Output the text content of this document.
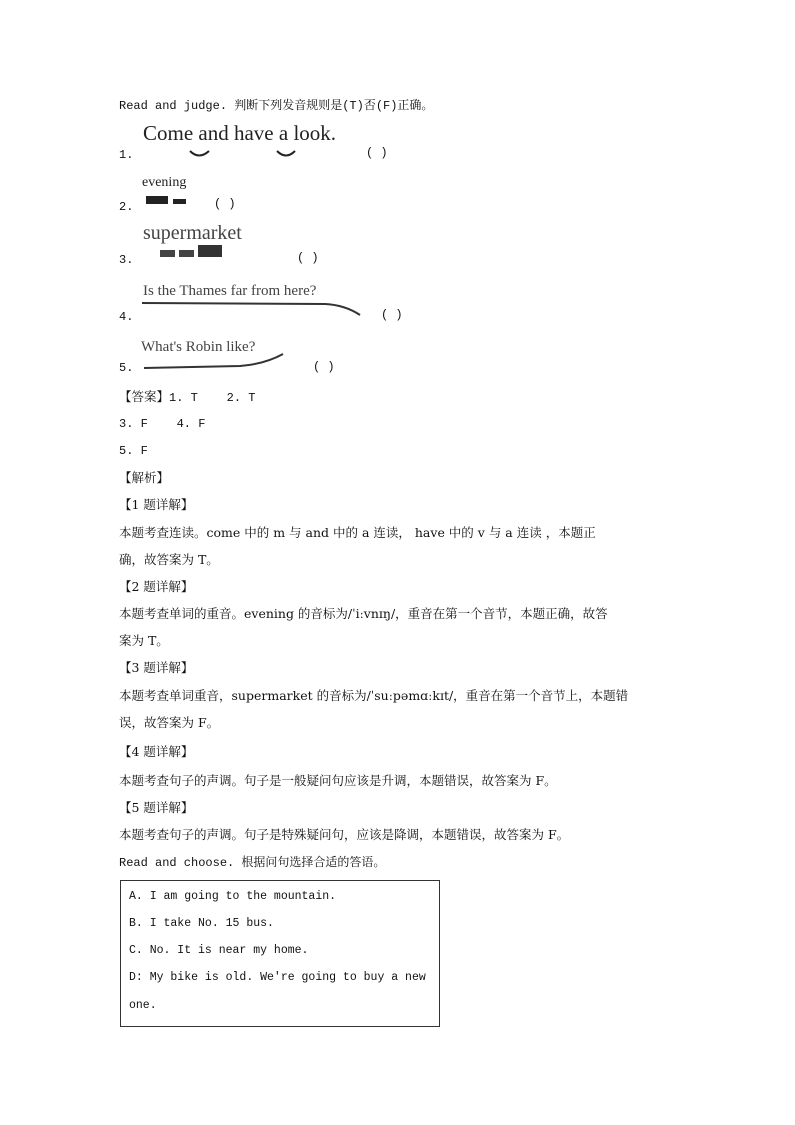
Read and judge. 判断下列发音规则是(T)否(F)正确。
Come and have a look.
1.	( )
evening
2.	( )
supermarket
3.	( )
Is the Thames far from here?
4.	( )
What's Robin like?
5.	( )
【答案】1. T    2. T
3. F    4. F
5. F
【解析】
【1 题详解】
本题考查连读。come 中的 m 与 and 中的 a 连读， have 中的 v 与 a 连读 ，本题正
确，故答案为 T。
【2 题详解】
本题考查单词的重音。evening 的音标为/ˈiːvnɪŋ/，重音在第一个音节，本题正确，故答
案为 T。
【3 题详解】
本题考查单词重音，supermarket 的音标为/ˈsuːpəmɑːkɪt/，重音在第一个音节上，本题错
误，故答案为 F。
【4 题详解】
本题考查句子的声调。句子是一般疑问句应该是升调，本题错误，故答案为 F。
【5 题详解】
本题考查句子的声调。句子是特殊疑问句，应该是降调，本题错误，故答案为 F。
Read and choose. 根据问句选择合适的答语。
A. I am going to the mountain.
B. I take No. 15 bus.
C. No. It is near my home.
D: My bike is old. We're going to buy a new
one.
